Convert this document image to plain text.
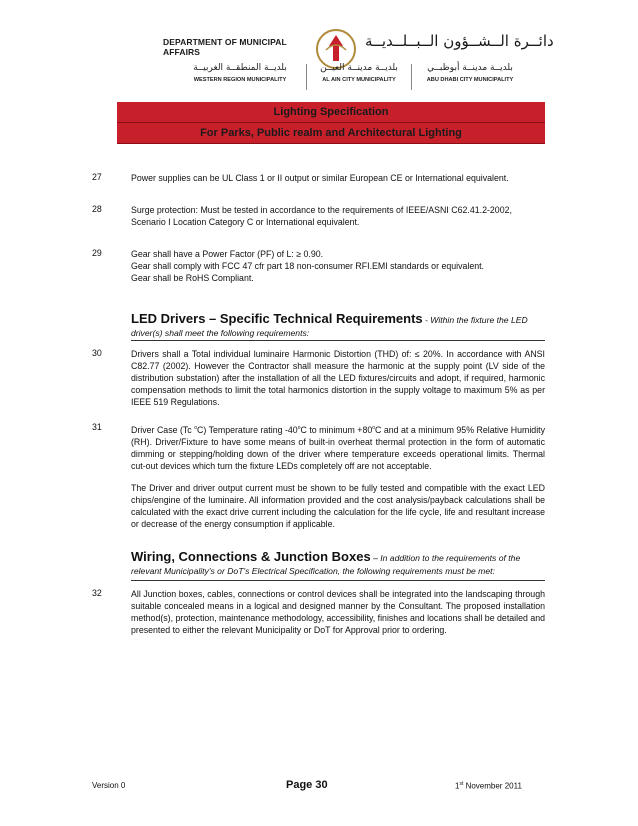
DEPARTMENT OF MUNICIPAL AFFAIRS
دائــرة الــشــؤون الــبــلــديــة
بلديــة المنطقــة الغربيــة
WESTERN REGION MUNICIPALITY
بلديــة مدينــة العيــن
AL AIN CITY MUNICIPALITY
بلديــة مدينــة أبوظبــي
ABU DHABI CITY MUNICIPALITY
Lighting Specification
For Parks, Public realm and Architectural Lighting
27	Power supplies can be UL Class 1 or II output or similar European CE or International equivalent.

28	Surge protection: Must be tested in accordance to the requirements of IEEE/ASNI C62.41.2-2002, Scenario I Location Category C or International equivalent.

29	Gear shall have a Power Factor (PF) of L: ≥ 0.90.

Gear shall comply with FCC 47 cfr part 18 non-consumer RFI.EMI standards or equivalent.

Gear shall be RoHS Compliant.

LED Drivers – Specific Technical Requirements - Within the fixture the LED driver(s) shall meet the following requirements:
30	Drivers shall a Total individual luminaire Harmonic Distortion (THD) of: ≤ 20%. In accordance with ANSI C82.77 (2002). However the Contractor shall measure the harmonic at the supply point (LV side of the distribution substation) after the installation of all the LED fixtures/circuits and adopt, if required, harmonic compensation methods to limit the total harmonics distortion in the supply voltage to maximum 5% as per IEEE 519 Regulations.
31	Driver Case (Tc $^o$C) Temperature rating -40$^o$C to minimum $+80^oC$ and at a minimum 95% Relative Humidity (RH). Driver/Fixture to have some means of built-in overheat thermal protection in the form of automatic dimming or stepping/holding down of the driver where temperature exceeds operational limits. Thermal cut-out devices which turn the fixture LEDs completely off are not acceptable.

The Driver and driver output current must be shown to be fully tested and compatible with the exact LED chips/engine of the luminaire. All information provided and the cost analysis/payback calculations shall be calculated with the exact drive current including the calculation for the life cycle, life and resultant increase or decrease of the energy consumption if applicable.

Wiring, Connections & Junction Boxes – In addition to the requirements of the relevant Municipality's or DoT's Electrical Specification, the following requirements must be met:
32	All Junction boxes, cables, connections or control devices shall be integrated into the landscaping through suitable concealed means in a logical and designed manner by the Consultant. The proposed installation method(s), protection, maintenance methodology, accessibility, finishes and locations shall be detailed and presented to either the relevant Municipality or DoT for Approval prior to ordering.
Version 0	Page 30	1st November 2011
